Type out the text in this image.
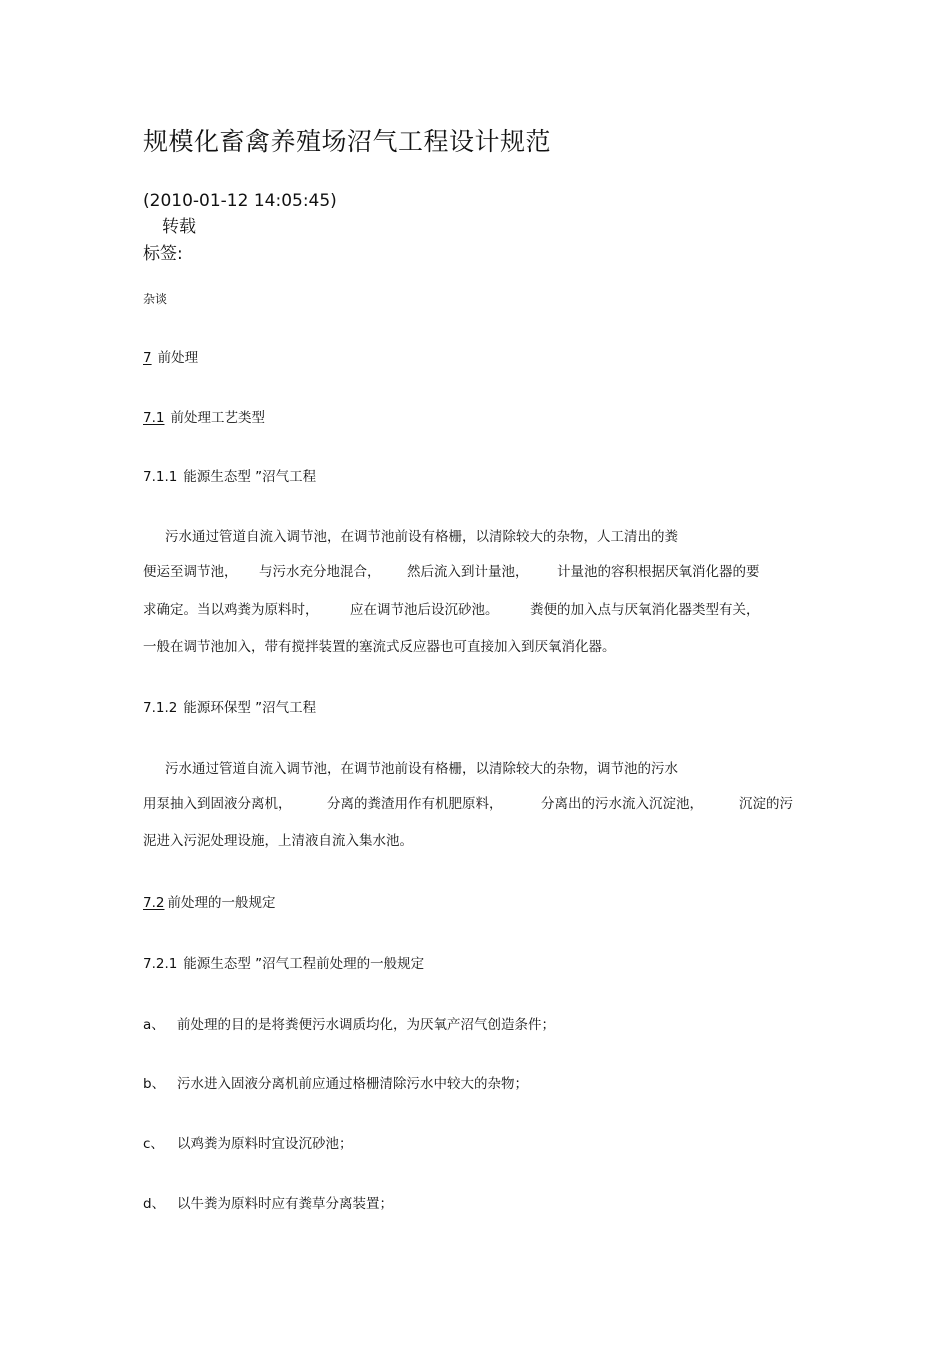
规模化畜禽养殖场沼气工程设计规范
(2010-01-12 14:05:45)
转载
标签:
杂谈
7 前处理
7.1 前处理工艺类型
7.1.1 能源生态型 ”沼气工程
污水通过管道自流入调节池，在调节池前设有格栅，以清除较大的杂物，人工清出的粪
便运至调节池， 与污水充分地混合， 然后流入到计量池， 计量池的容积根据厌氧消化器的要
求确定。当以鸡粪为原料时， 应在调节池后设沉砂池。 粪便的加入点与厌氧消化器类型有关，
一般在调节池加入，带有搅拌装置的塞流式反应器也可直接加入到厌氧消化器。
7.1.2 能源环保型 ”沼气工程
污水通过管道自流入调节池，在调节池前设有格栅，以清除较大的杂物，调节池的污水
用泵抽入到固液分离机，	分离的粪渣用作有机肥原料，	分离出的污水流入沉淀池，	沉淀的污
泥进入污泥处理设施，上清液自流入集水池。
7.2 前处理的一般规定
7.2.1 能源生态型 ”沼气工程前处理的一般规定
a、 前处理的目的是将粪便污水调质均化，为厌氧产沼气创造条件；
b、 污水进入固液分离机前应通过格栅清除污水中较大的杂物；
c、 以鸡粪为原料时宜设沉砂池；
d、 以牛粪为原料时应有粪草分离装置；
